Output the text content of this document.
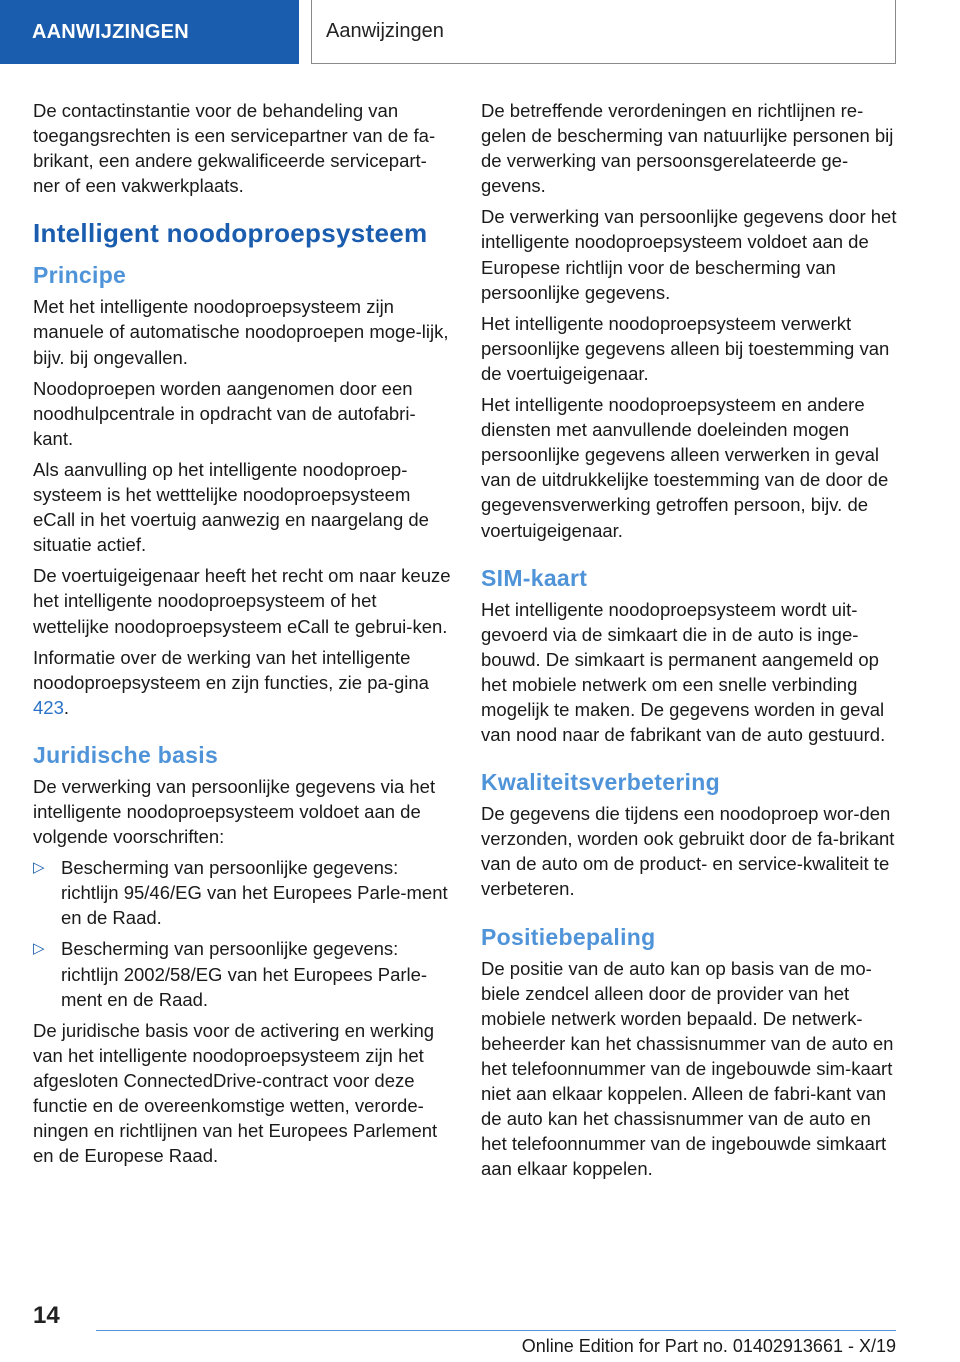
AANWIJZINGEN	Aanwijzingen

De contactinstantie voor de behandeling van toegangsrechten is een servicepartner van de fa-brikant, een andere gekwalificeerde servicepart-ner of een vakwerkplaats.

Intelligent noodoproepsysteem
Principe

Met het intelligente noodoproepsysteem zijn manuele of automatische noodoproepen moge-lijk, bijv. bij ongevallen.

Noodoproepen worden aangenomen door een noodhulpcentrale in opdracht van de autofabri-kant.

Als aanvulling op het intelligente noodoproep-systeem is het wetttelijke noodoproepsysteem eCall in het voertuig aanwezig en naargelang de situatie actief.

De voertuigeigenaar heeft het recht om naar keuze het intelligente noodoproepsysteem of het wettelijke noodoproepsysteem eCall te gebrui-ken.

Informatie over de werking van het intelligente noodoproepsysteem en zijn functies, zie pa-gina 423.

Juridische basis

De verwerking van persoonlijke gegevens via het intelligente noodoproepsysteem voldoet aan de volgende voorschriften:

▷ Bescherming van persoonlijke gegevens: richtlijn 95/46/EG van het Europees Parle-ment en de Raad.
▷ Bescherming van persoonlijke gegevens: richtlijn 2002/58/EG van het Europees Parle-ment en de Raad.

De juridische basis voor de activering en werking van het intelligente noodoproepsysteem zijn het afgesloten ConnectedDrive-contract voor deze functie en de overeenkomstige wetten, verorde-ningen en richtlijnen van het Europees Parlement en de Europese Raad.

De betreffende verordeningen en richtlijnen re-gelen de bescherming van natuurlijke personen bij de verwerking van persoonsgerelateerde ge-gevens.

De verwerking van persoonlijke gegevens door het intelligente noodoproepsysteem voldoet aan de Europese richtlijn voor de bescherming van persoonlijke gegevens.

Het intelligente noodoproepsysteem verwerkt persoonlijke gegevens alleen bij toestemming van de voertuigeigenaar.

Het intelligente noodoproepsysteem en andere diensten met aanvullende doeleinden mogen persoonlijke gegevens alleen verwerken in geval van de uitdrukkelijke toestemming van de door de gegevensverwerking getroffen persoon, bijv. de voertuigeigenaar.

SIM-kaart

Het intelligente noodoproepsysteem wordt uit-gevoerd via de simkaart die in de auto is inge-bouwd. De simkaart is permanent aangemeld op het mobiele netwerk om een snelle verbinding mogelijk te maken. De gegevens worden in geval van nood naar de fabrikant van de auto gestuurd.

Kwaliteitsverbetering

De gegevens die tijdens een noodoproep wor-den verzonden, worden ook gebruikt door de fa-brikant van de auto om de product- en service-kwaliteit te verbeteren.

Positiebepaling

De positie van de auto kan op basis van de mo-biele zendcel alleen door de provider van het mobiele netwerk worden bepaald. De netwerk-beheerder kan het chassisnummer van de auto en het telefoonnummer van de ingebouwde sim-kaart niet aan elkaar koppelen. Alleen de fabri-kant van de auto kan het chassisnummer van de auto en het telefoonnummer van de ingebouwde simkaart aan elkaar koppelen.

14
Online Edition for Part no. 01402913661 - X/19
